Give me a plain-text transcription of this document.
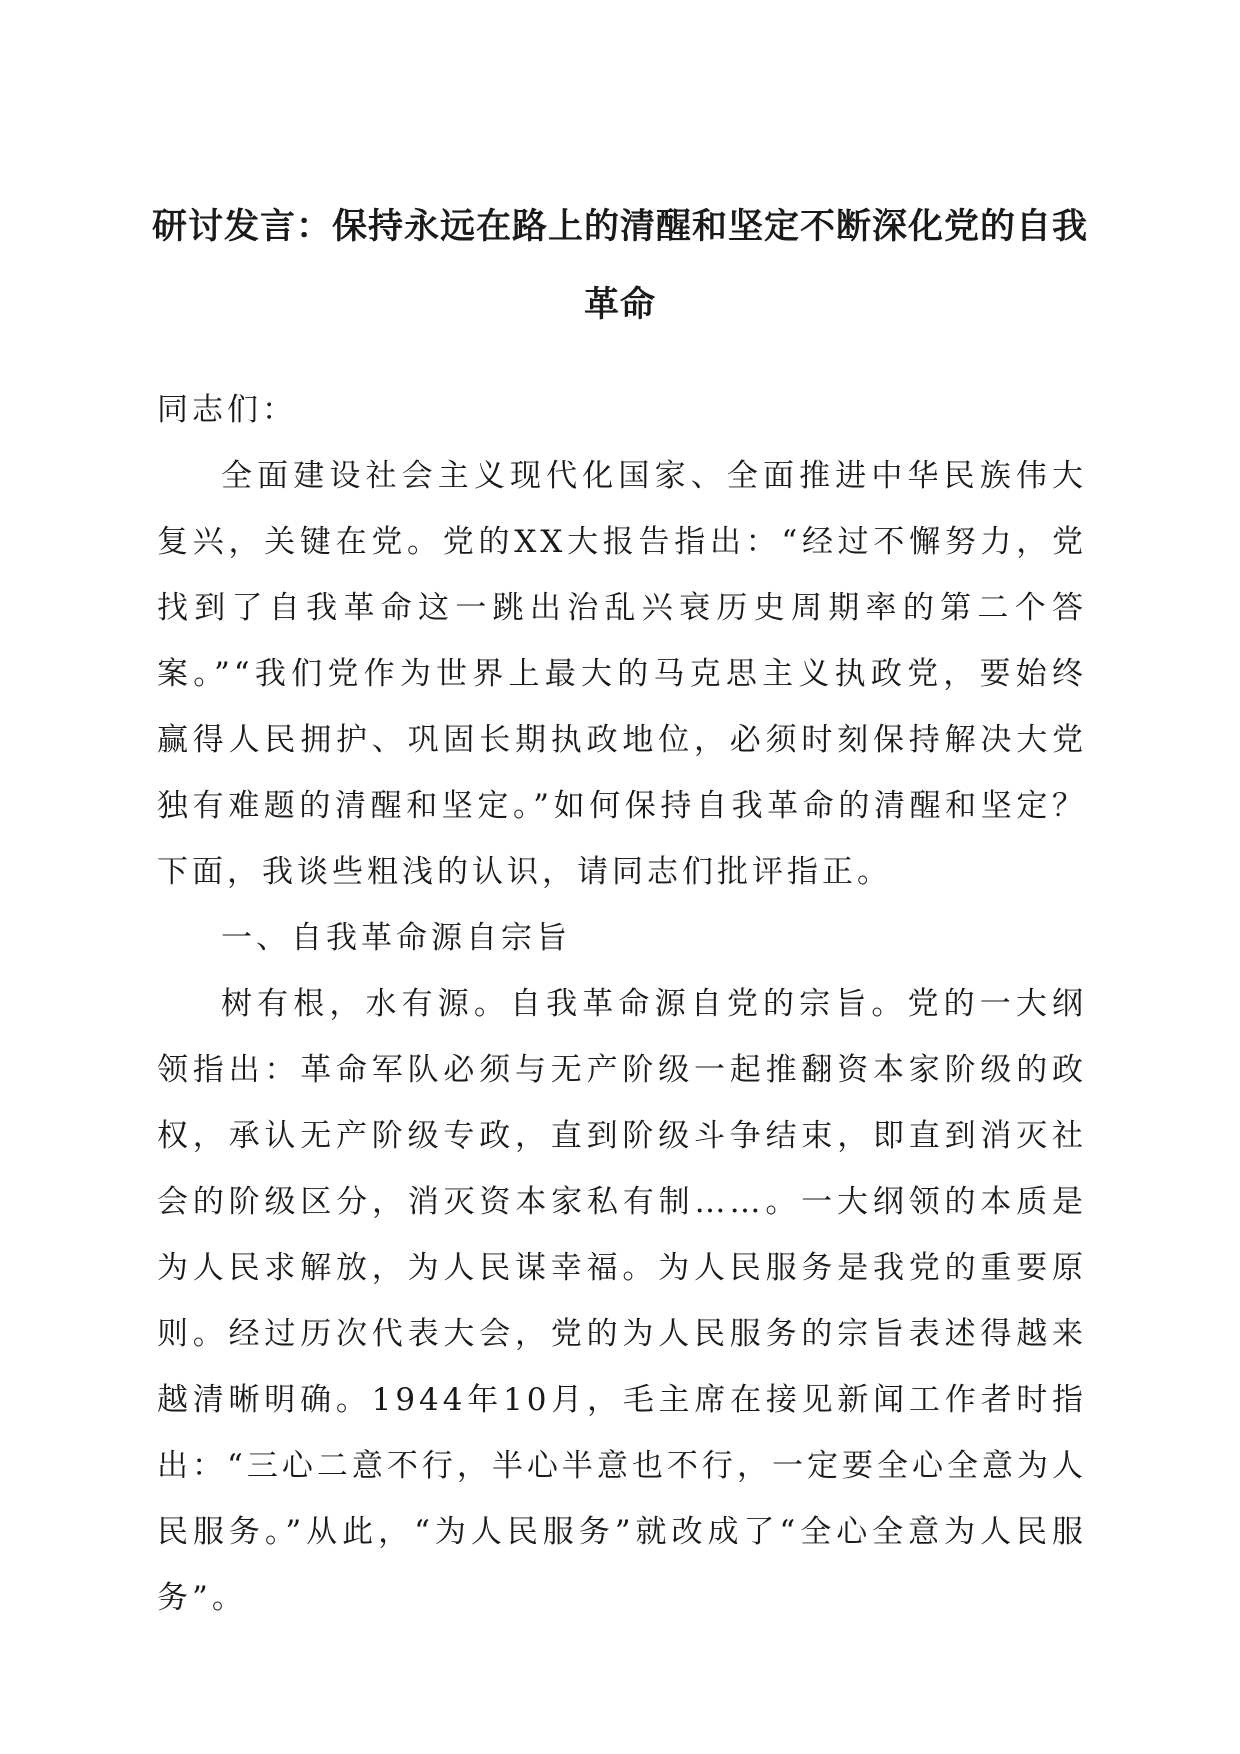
研讨发言：保持永远在路上的清醒和坚定不断深化党的自我革命

同志们：

全面建设社会主义现代化国家、全面推进中华民族伟大复兴，关键在党。党的XX大报告指出：“经过不懈努力，党找到了自我革命这一跳出治乱兴衰历史周期率的第二个答案。”“我们党作为世界上最大的马克思主义执政党，要始终赢得人民拥护、巩固长期执政地位，必须时刻保持解决大党独有难题的清醒和坚定。”如何保持自我革命的清醒和坚定？下面，我谈些粗浅的认识，请同志们批评指正。

一、自我革命源自宗旨

树有根，水有源。自我革命源自党的宗旨。党的一大纲领指出：革命军队必须与无产阶级一起推翻资本家阶级的政权，承认无产阶级专政，直到阶级斗争结束，即直到消灭社会的阶级区分，消灭资本家私有制……。一大纲领的本质是为人民求解放，为人民谋幸福。为人民服务是我党的重要原则。经过历次代表大会，党的为人民服务的宗旨表述得越来越清晰明确。1944年10月，毛主席在接见新闻工作者时指出：“三心二意不行，半心半意也不行，一定要全心全意为人民服务。”从此，“为人民服务”就改成了“全心全意为人民服务”。
